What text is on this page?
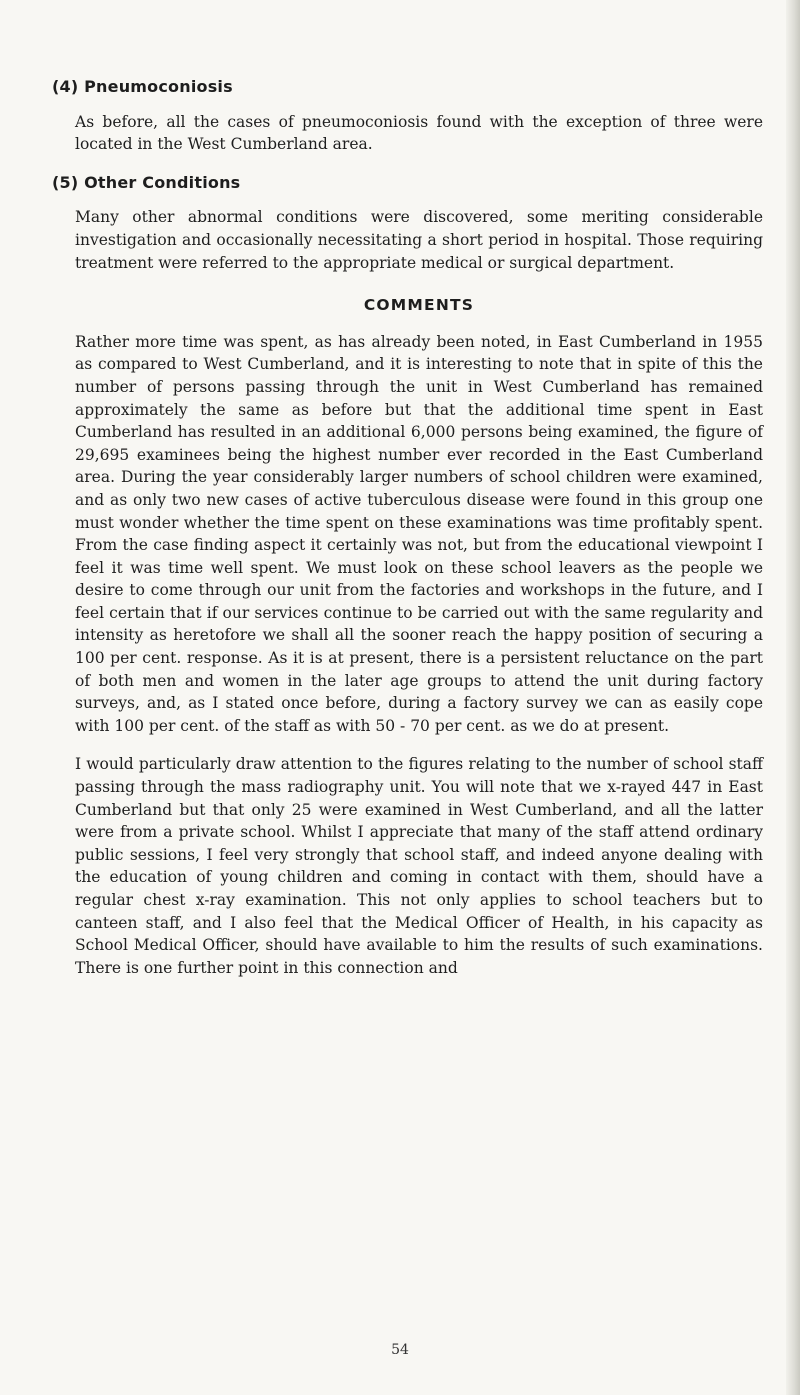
(4) Pneumoconiosis

As before, all the cases of pneumoconiosis found with the exception of three were located in the West Cumberland area.

(5) Other Conditions

Many other abnormal conditions were discovered, some meriting considerable investigation and occasionally necessitating a short period in hospital. Those requiring treatment were referred to the appropriate medical or surgical department.

COMMENTS

Rather more time was spent, as has already been noted, in East Cumberland in 1955 as compared to West Cumberland, and it is interesting to note that in spite of this the number of persons passing through the unit in West Cumberland has remained approximately the same as before but that the additional time spent in East Cumberland has resulted in an additional 6,000 persons being examined, the figure of 29,695 examinees being the highest number ever recorded in the East Cumberland area. During the year considerably larger numbers of school children were examined, and as only two new cases of active tuberculous disease were found in this group one must wonder whether the time spent on these examinations was time profitably spent. From the case finding aspect it certainly was not, but from the educational viewpoint I feel it was time well spent. We must look on these school leavers as the people we desire to come through our unit from the factories and workshops in the future, and I feel certain that if our services continue to be carried out with the same regularity and intensity as heretofore we shall all the sooner reach the happy position of securing a 100 per cent. response. As it is at present, there is a persistent reluctance on the part of both men and women in the later age groups to attend the unit during factory surveys, and, as I stated once before, during a factory survey we can as easily cope with 100 per cent. of the staff as with 50 - 70 per cent. as we do at present.

I would particularly draw attention to the figures relating to the number of school staff passing through the mass radiography unit. You will note that we x-rayed 447 in East Cumberland but that only 25 were examined in West Cumberland, and all the latter were from a private school. Whilst I appreciate that many of the staff attend ordinary public sessions, I feel very strongly that school staff, and indeed anyone dealing with the education of young children and coming in contact with them, should have a regular chest x-ray examination. This not only applies to school teachers but to canteen staff, and I also feel that the Medical Officer of Health, in his capacity as School Medical Officer, should have available to him the results of such examinations. There is one further point in this connection and

54
